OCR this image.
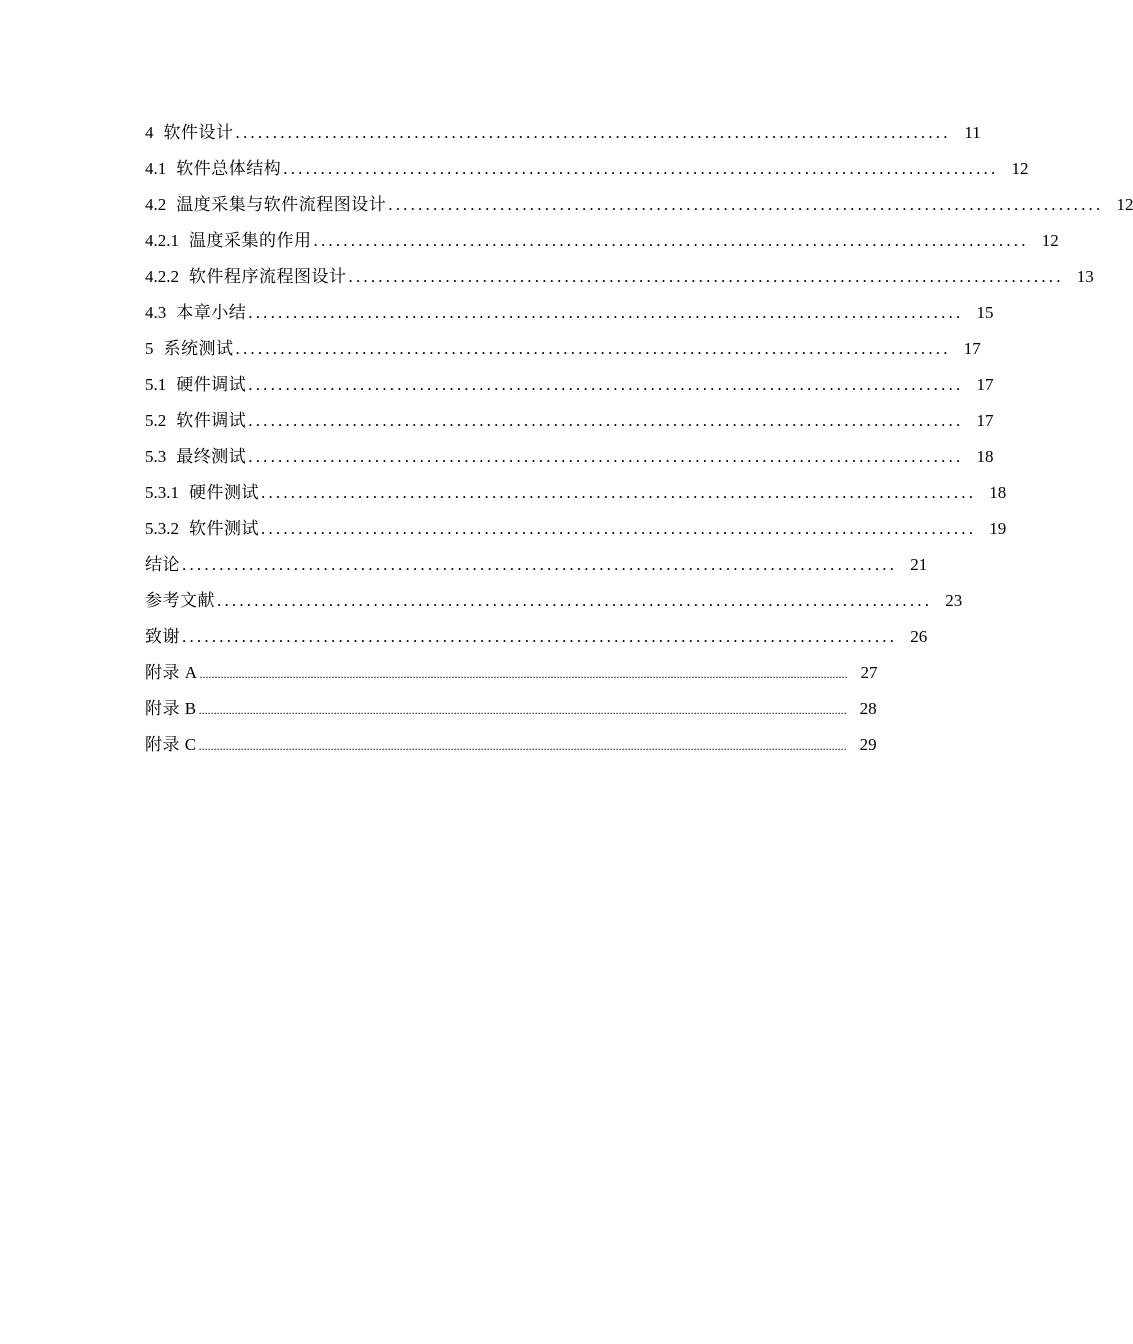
4 软件设计 ................................................................................................ 11
4.1 软件总体结构 ................................................................................................ 12
4.2 温度采集与软件流程图设计 ................................................................................................ 12
4.2.1 温度采集的作用 ................................................................................................ 12
4.2.2 软件程序流程图设计 ................................................................................................ 13
4.3 本章小结 ................................................................................................ 15
5 系统测试 ................................................................................................ 17
5.1 硬件调试 ................................................................................................ 17
5.2 软件调试 ................................................................................................ 17
5.3 最终测试 ................................................................................................ 18
5.3.1 硬件测试 ................................................................................................ 18
5.3.2 软件测试 ................................................................................................ 19
结论 ................................................................................................ 21
参考文献 ................................................................................................ 23
致谢 ................................................................................................ 26
附录 A ........................................................................................................................................................................................................................ 27
附录 B ........................................................................................................................................................................................................................ 28
附录 C ........................................................................................................................................................................................................................ 29
